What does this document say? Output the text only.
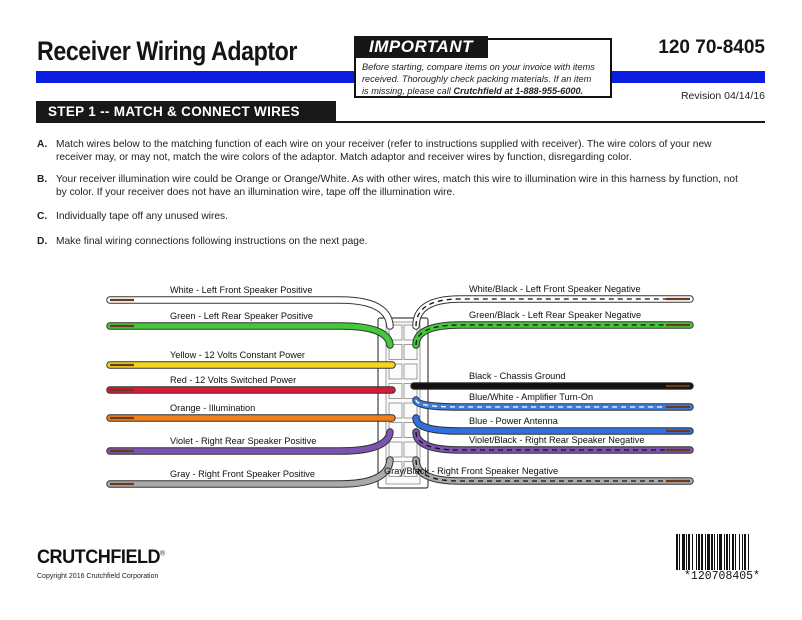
Receiver Wiring Adaptor	120 70-8405
IMPORTANT
Before starting, compare items on your invoice with items
received. Thoroughly check packing materials. If an item
is missing, please call Crutchfield at 1-888-955-6000.	Revision 04/14/16
STEP 1 -- MATCH & CONNECT WIRES
A. Match wires below to the matching function of each wire on your receiver (refer to instructions supplied with receiver). The wire colors of your new receiver may, or may not, match the wire colors of the adaptor. Match adaptor and receiver wires by function, disregarding color.
B. Your receiver illumination wire could be Orange or Orange/White. As with other wires, match this wire to illumination wire in this harness by function, not by color. If your receiver does not have an illumination wire, tape off the illumination wire.
C. Individually tape off any unused wires.
D. Make final wiring connections following instructions on the next page.
White - Left Front Speaker Positive
Green - Left Rear Speaker Positive
Yellow - 12 Volts Constant Power
Red - 12 Volts Switched Power
Orange - Illumination
Violet - Right Rear Speaker Positive
Gray - Right Front Speaker Positive
White/Black - Left Front Speaker Negative
Green/Black - Left Rear Speaker Negative
Black - Chassis Ground
Blue/White - Amplifier Turn-On
Blue - Power Antenna
Violet/Black - Right Rear Speaker Negative
Gray/Black - Right Front Speaker Negative
CRUTCHFIELD®
Copyright 2016 Crutchfield Corporation	*120708405*
